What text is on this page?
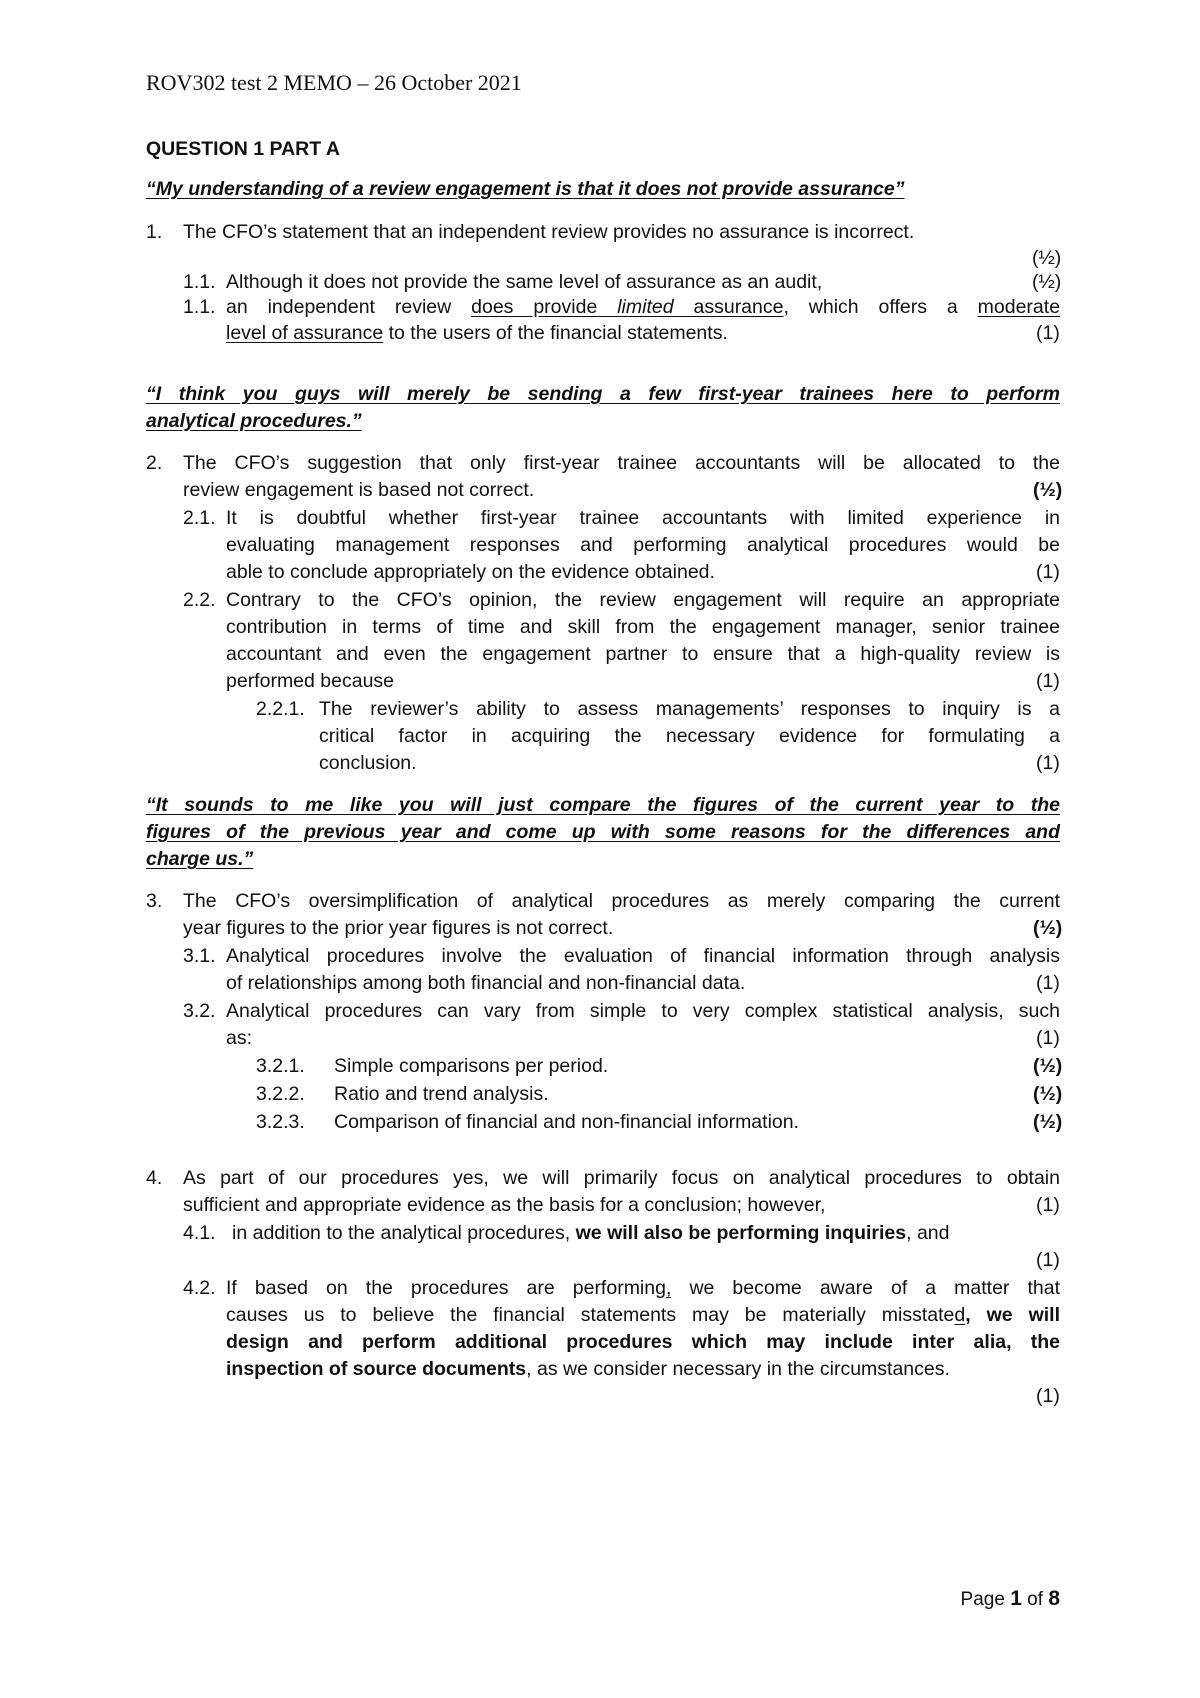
ROV302 test 2 MEMO – 26 October 2021
QUESTION 1 PART A
“My understanding of a review engagement is that it does not provide assurance”
1. The CFO’s statement that an independent review provides no assurance is incorrect.
(½)
1.1. Although it does not provide the same level of assurance as an audit,	(½)
1.1. an independent review does provide limited assurance, which offers a moderate
level of assurance to the users of the financial statements.	(1)
“I think you guys will merely be sending a few first-year trainees here to perform
analytical procedures.”
2. The CFO’s suggestion that only first-year trainee accountants will be allocated to the
review engagement is based not correct.	(½)
2.1. It is doubtful whether first-year trainee accountants with limited experience in
evaluating management responses and performing analytical procedures would be
able to conclude appropriately on the evidence obtained.	(1)
2.2. Contrary to the CFO’s opinion, the review engagement will require an appropriate
contribution in terms of time and skill from the engagement manager, senior trainee
accountant and even the engagement partner to ensure that a high-quality review is
performed because	(1)
2.2.1. The reviewer’s ability to assess managements’ responses to inquiry is a
critical factor in acquiring the necessary evidence for formulating a
conclusion.	(1)
“It sounds to me like you will just compare the figures of the current year to the
figures of the previous year and come up with some reasons for the differences and
charge us.”
3. The CFO’s oversimplification of analytical procedures as merely comparing the current
year figures to the prior year figures is not correct.	(½)
3.1. Analytical procedures involve the evaluation of financial information through analysis
of relationships among both financial and non-financial data.	(1)
3.2. Analytical procedures can vary from simple to very complex statistical analysis, such
as:	(1)
3.2.1. Simple comparisons per period.	(½)
3.2.2. Ratio and trend analysis.	(½)
3.2.3. Comparison of financial and non-financial information.	(½)
4. As part of our procedures yes, we will primarily focus on analytical procedures to obtain
sufficient and appropriate evidence as the basis for a conclusion; however,	(1)
4.1. in addition to the analytical procedures, we will also be performing inquiries, and
(1)
4.2. If based on the procedures are performing, we become aware of a matter that
causes us to believe the financial statements may be materially misstated, we will
design and perform additional procedures which may include inter alia, the
inspection of source documents, as we consider necessary in the circumstances.
(1)
Page 1 of 8
